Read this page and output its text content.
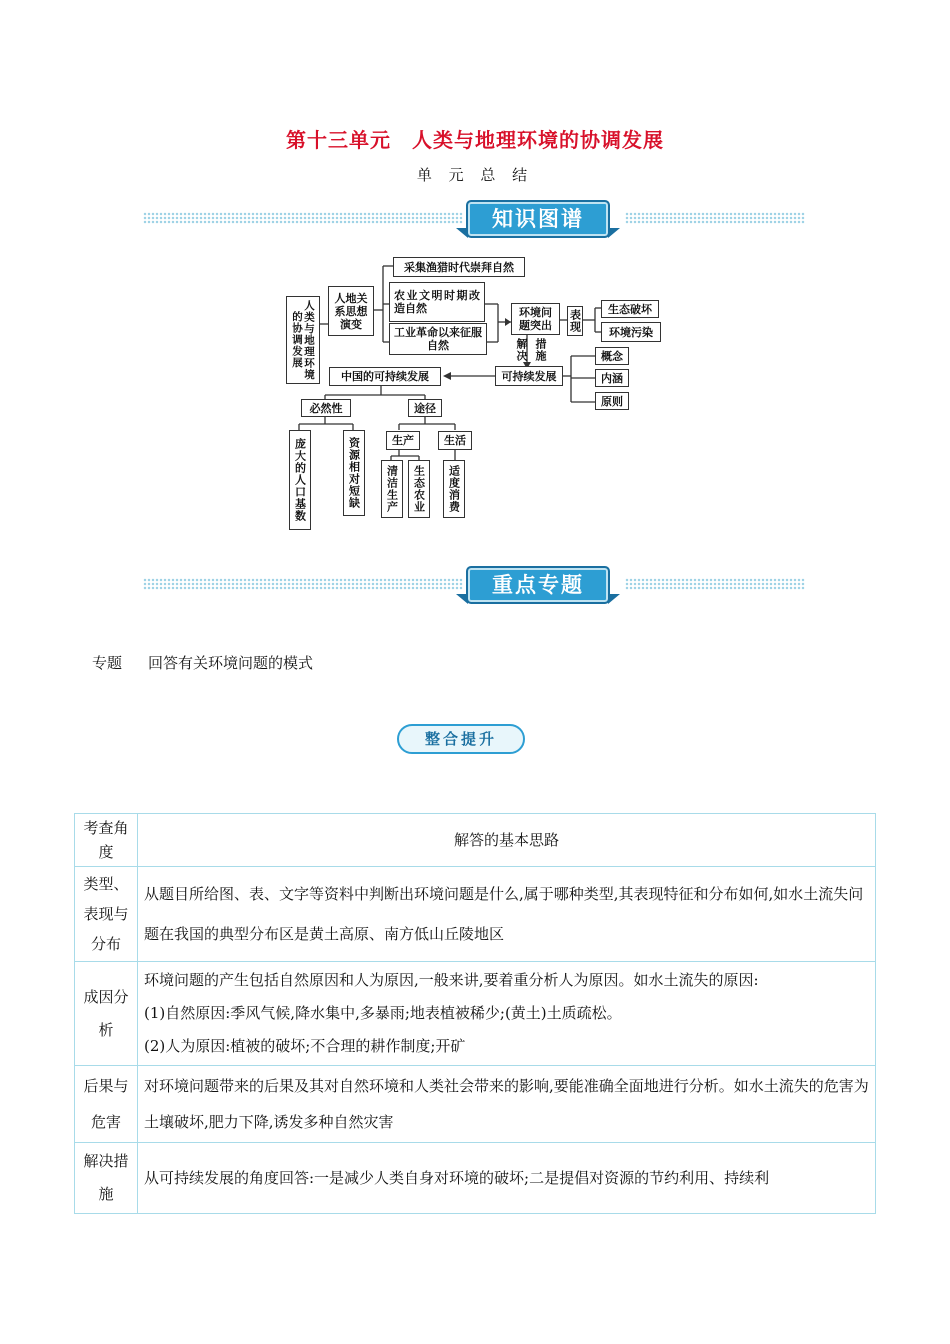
第十三单元　人类与地理环境的协调发展
单 元 总 结
知识图谱
人类与地理环境的协调发展
人地关系思想演变
采集渔猎时代崇拜自然
农业文明时期改造自然
工业革命以来征服自然
环境问题突出	表现	生态破坏
环境污染
解决 措施
可持续发展
概念
内涵
原则
中国的可持续发展
必然性	途径
庞大的人口基数	资源相对短缺	生产	生活
清洁生产	生态农业	适度消费
重点专题
专题 回答有关环境问题的模式
整合提升
考查角度	解答的基本思路
类型、表现与分布	从题目所给图、表、文字等资料中判断出环境问题是什么,属于哪种类型,其表现特征和分布如何,如水土流失问题在我国的典型分布区是黄土高原、南方低山丘陵地区
成因分析	环境问题的产生包括自然原因和人为原因,一般来讲,要着重分析人为原因。如水土流失的原因:
(1)自然原因:季风气候,降水集中,多暴雨;地表植被稀少;(黄土)土质疏松。
(2)人为原因:植被的破坏;不合理的耕作制度;开矿

后果与危害	对环境问题带来的后果及其对自然环境和人类社会带来的影响,要能准确全面地进行分析。如水土流失的危害为土壤破坏,肥力下降,诱发多种自然灾害
解决措施	从可持续发展的角度回答:一是减少人类自身对环境的破坏;二是提倡对资源的节约利用、持续利
